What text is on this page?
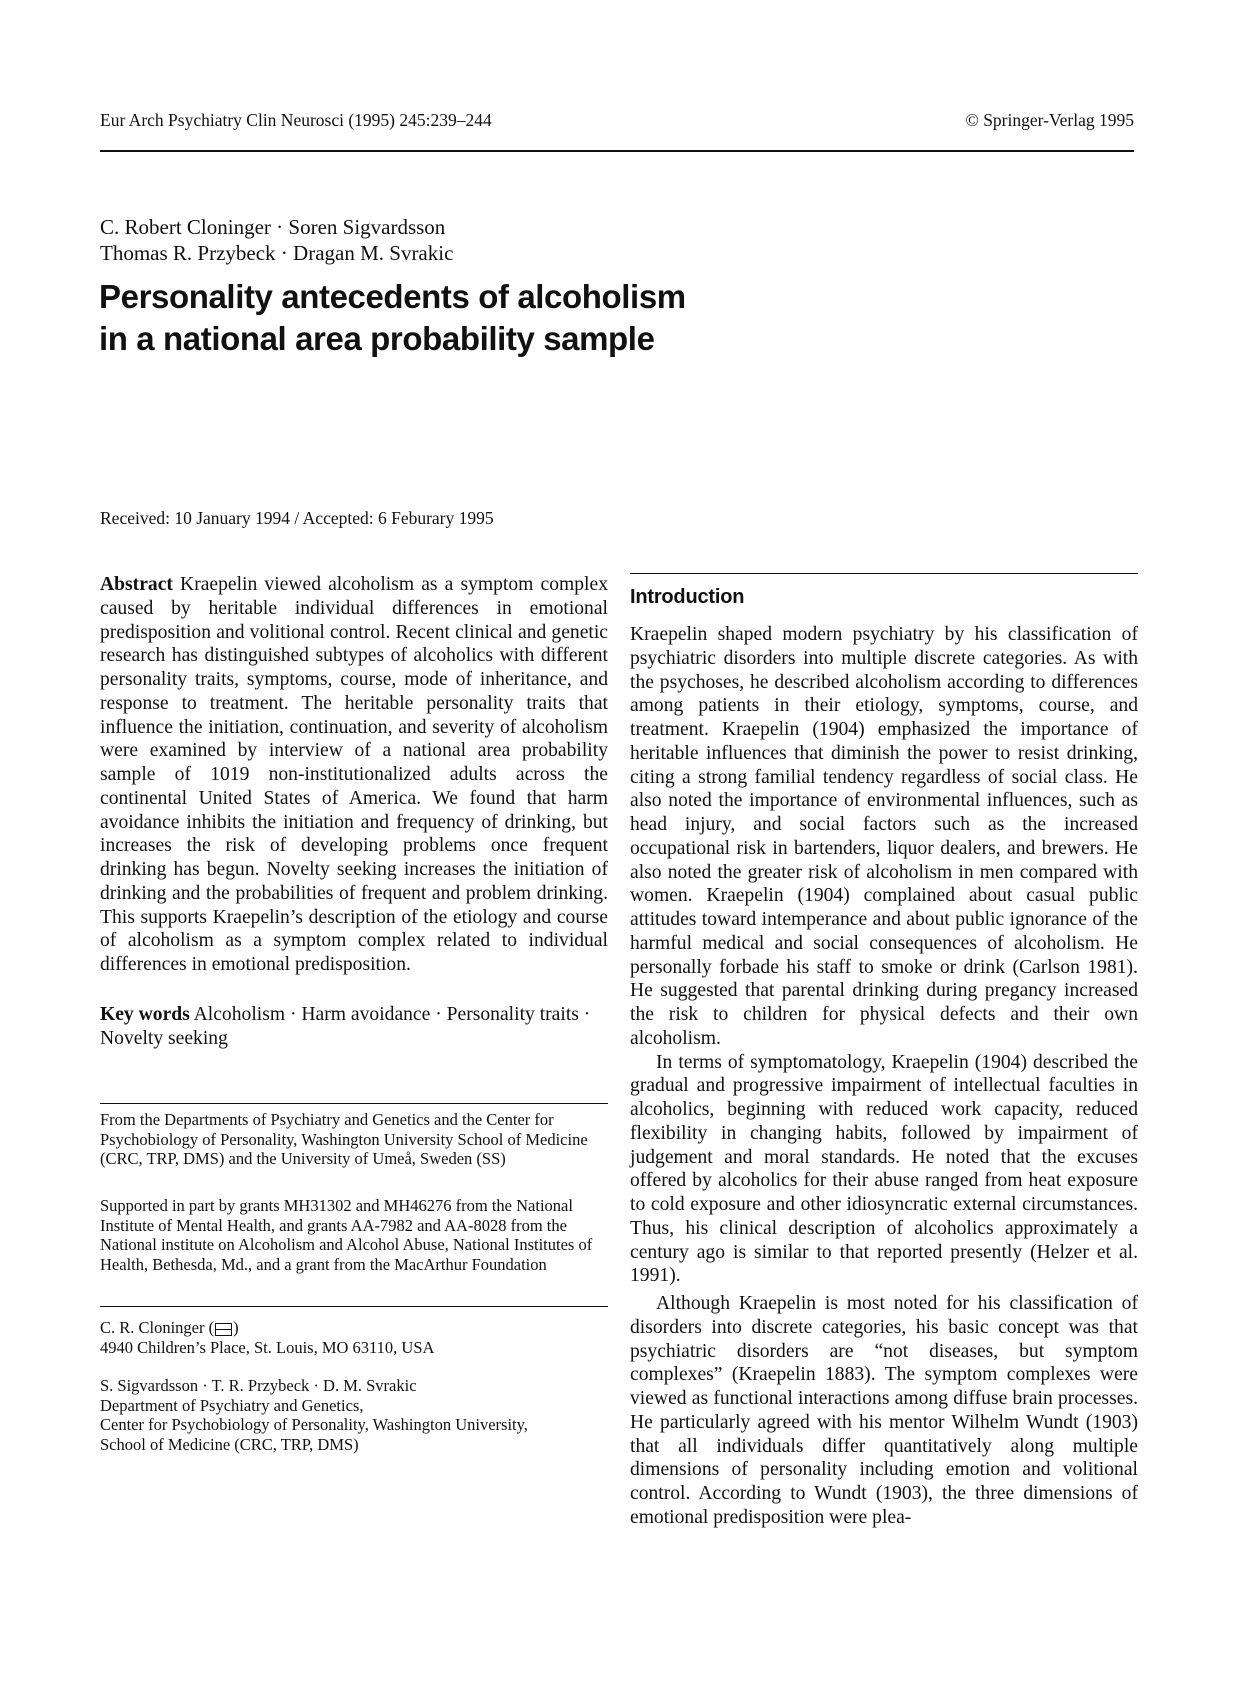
Eur Arch Psychiatry Clin Neurosci (1995) 245:239–244	© Springer-Verlag 1995
C. Robert Cloninger · Soren Sigvardsson
Thomas R. Przybeck · Dragan M. Svrakic
Personality antecedents of alcoholism
in a national area probability sample
Received: 10 January 1994 / Accepted: 6 Feburary 1995

Abstract Kraepelin viewed alcoholism as a symptom complex caused by heritable individual differences in emotional predisposition and volitional control. Recent clinical and genetic research has distinguished subtypes of alcoholics with different personality traits, symptoms, course, mode of inheritance, and response to treatment. The heritable personality traits that influence the initiation, continuation, and severity of alcoholism were examined by interview of a national area probability sample of 1019 non-institutionalized adults across the continental United States of America. We found that harm avoidance inhibits the initiation and frequency of drinking, but increases the risk of developing problems once frequent drinking has begun. Novelty seeking increases the initiation of drinking and the probabilities of frequent and problem drinking. This supports Kraepelin’s description of the etiology and course of alcoholism as a symptom complex related to individual differences in emotional predisposition.

Key words Alcoholism · Harm avoidance · Personality traits · Novelty seeking

From the Departments of Psychiatry and Genetics and the Center for Psychobiology of Personality, Washington University School of Medicine (CRC, TRP, DMS) and the University of Umeå, Sweden (SS)

Supported in part by grants MH31302 and MH46276 from the National Institute of Mental Health, and grants AA-7982 and AA-8028 from the National institute on Alcoholism and Alcohol Abuse, National Institutes of Health, Bethesda, Md., and a grant from the MacArthur Foundation

C. R. Cloninger ( )
4940 Children’s Place, St. Louis, MO 63110, USA
S. Sigvardsson · T. R. Przybeck · D. M. Svrakic
Department of Psychiatry and Genetics,
Center for Psychobiology of Personality, Washington University,
School of Medicine (CRC, TRP, DMS)
Introduction

Kraepelin shaped modern psychiatry by his classification of psychiatric disorders into multiple discrete categories. As with the psychoses, he described alcoholism according to differences among patients in their etiology, symptoms, course, and treatment. Kraepelin (1904) emphasized the importance of heritable influences that diminish the power to resist drinking, citing a strong familial tendency regardless of social class. He also noted the importance of environmental influences, such as head injury, and social factors such as the increased occupational risk in bartenders, liquor dealers, and brewers. He also noted the greater risk of alcoholism in men compared with women. Kraepelin (1904) complained about casual public attitudes toward intemperance and about public ignorance of the harmful medical and social consequences of alcoholism. He personally forbade his staff to smoke or drink (Carlson 1981). He suggested that parental drinking during pregancy increased the risk to children for physical defects and their own alcoholism.

In terms of symptomatology, Kraepelin (1904) described the gradual and progressive impairment of intellectual faculties in alcoholics, beginning with reduced work capacity, reduced flexibility in changing habits, followed by impairment of judgement and moral standards. He noted that the excuses offered by alcoholics for their abuse ranged from heat exposure to cold exposure and other idiosyncratic external circumstances. Thus, his clinical description of alcoholics approximately a century ago is similar to that reported presently (Helzer et al. 1991).

Although Kraepelin is most noted for his classification of disorders into discrete categories, his basic concept was that psychiatric disorders are “not diseases, but symptom complexes” (Kraepelin 1883). The symptom complexes were viewed as functional interactions among diffuse brain processes. He particularly agreed with his mentor Wilhelm Wundt (1903) that all individuals differ quantitatively along multiple dimensions of personality including emotion and volitional control. According to Wundt (1903), the three dimensions of emotional predisposition were plea-
